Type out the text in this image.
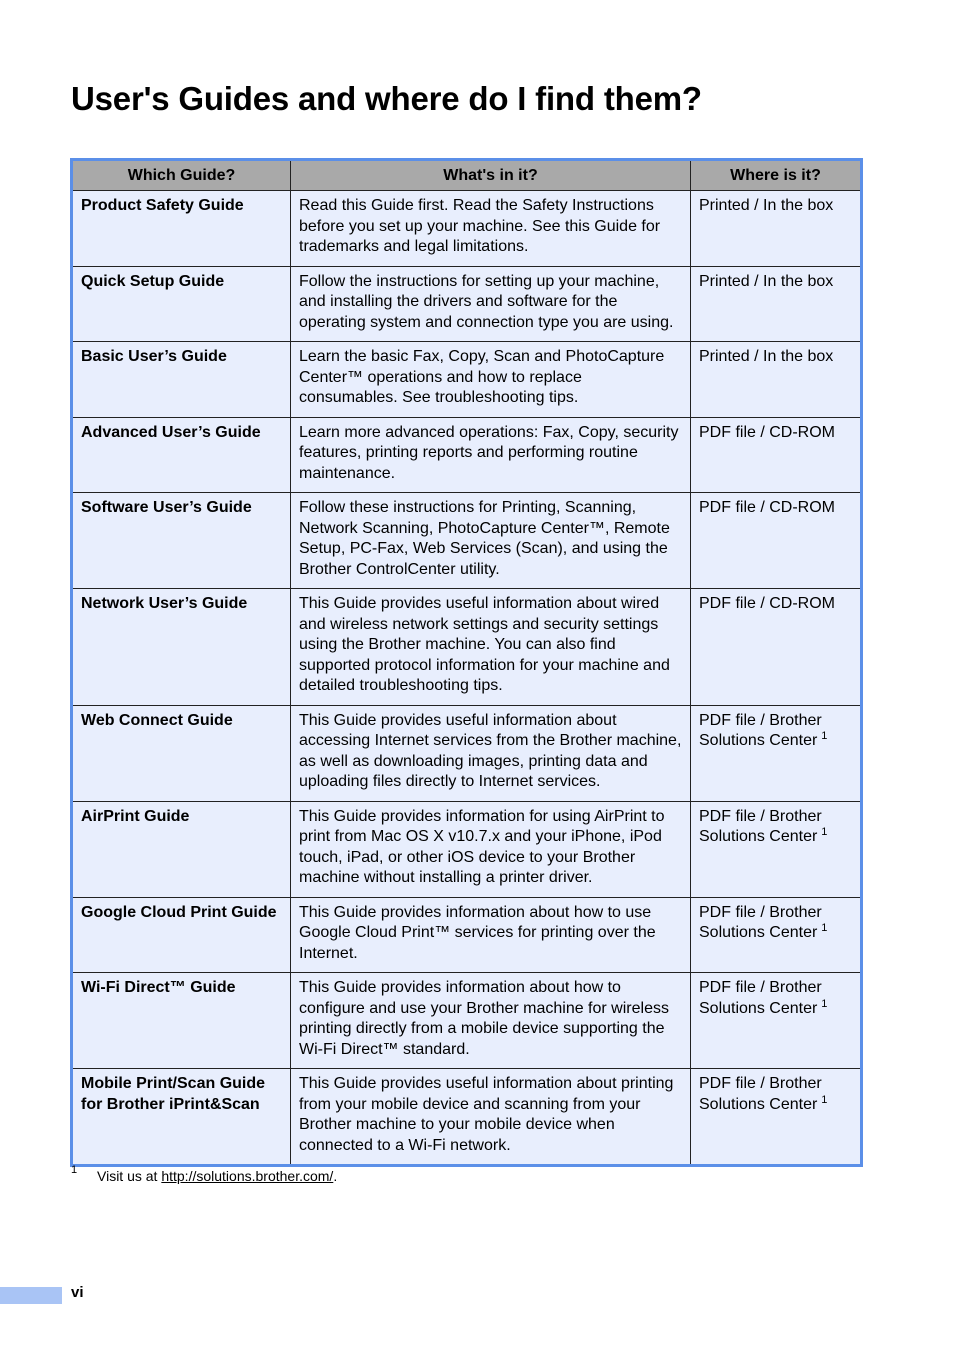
User's Guides and where do I find them?
Which Guide?	What's in it?	Where is it?
Product Safety Guide	Read this Guide first. Read the Safety Instructions before you set up your machine. See this Guide for trademarks and legal limitations.	Printed / In the box
Quick Setup Guide	Follow the instructions for setting up your machine, and installing the drivers and software for the operating system and connection type you are using.	Printed / In the box
Basic User’s Guide	Learn the basic Fax, Copy, Scan and PhotoCapture Center™ operations and how to replace consumables. See troubleshooting tips.	Printed / In the box
Advanced User’s Guide	Learn more advanced operations: Fax, Copy, security features, printing reports and performing routine maintenance.	PDF file / CD-ROM
Software User’s Guide	Follow these instructions for Printing, Scanning, Network Scanning, PhotoCapture Center™, Remote Setup, PC-Fax, Web Services (Scan), and using the Brother ControlCenter utility.	PDF file / CD-ROM
Network User’s Guide	This Guide provides useful information about wired and wireless network settings and security settings using the Brother machine. You can also find supported protocol information for your machine and detailed troubleshooting tips.	PDF file / CD-ROM
Web Connect Guide	This Guide provides useful information about accessing Internet services from the Brother machine, as well as downloading images, printing data and uploading files directly to Internet services.	PDF file / Brother Solutions Center $^1$
AirPrint Guide	This Guide provides information for using AirPrint to print from Mac OS X v10.7.x and your iPhone, iPod touch, iPad, or other iOS device to your Brother machine without installing a printer driver.	PDF file / Brother Solutions Center $^1$
Google Cloud Print Guide	This Guide provides information about how to use Google Cloud Print™ services for printing over the Internet.	PDF file / Brother Solutions Center $^1$
Wi-Fi Direct™ Guide	This Guide provides information about how to configure and use your Brother machine for wireless printing directly from a mobile device supporting the Wi-Fi Direct™ standard.	PDF file / Brother Solutions Center $^1$
Mobile Print/Scan Guide for Brother iPrint&Scan	This Guide provides useful information about printing from your mobile device and scanning from your Brother machine to your mobile device when connected to a Wi-Fi network.	PDF file / Brother Solutions Center $^1$
1 Visit us at http://solutions.brother.com/.
vi
